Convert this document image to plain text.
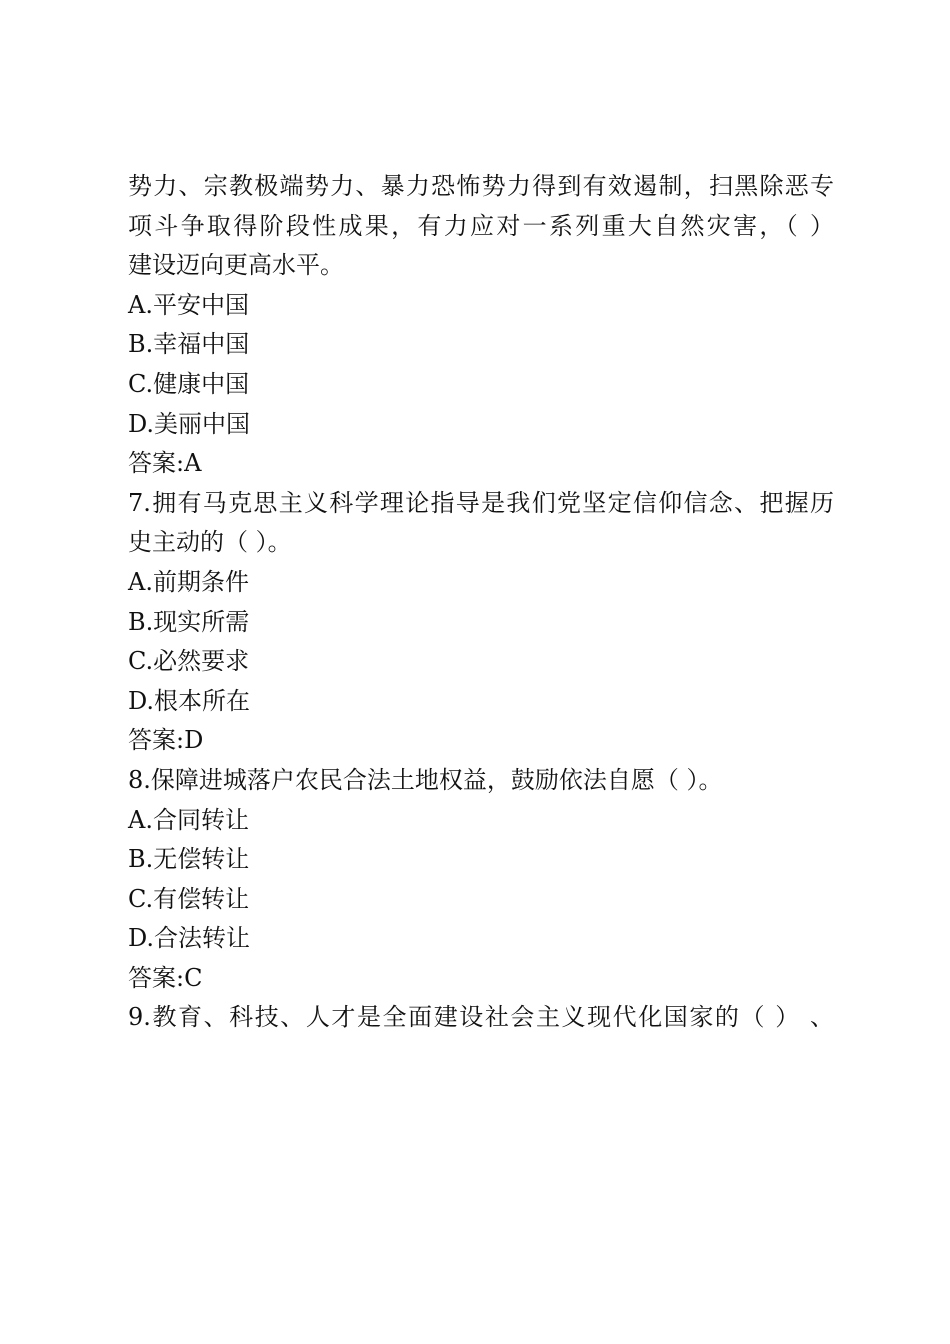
势力、宗教极端势力、暴力恐怖势力得到有效遏制，扫黑除恶专
项斗争取得阶段性成果，有力应对一系列重大自然灾害，（ ）
建设迈向更高水平。
A.平安中国
B.幸福中国
C.健康中国
D.美丽中国
答案:A
7.拥有马克思主义科学理论指导是我们党坚定信仰信念、把握历
史主动的（ ）。
A.前期条件
B.现实所需
C.必然要求
D.根本所在
答案:D
8.保障进城落户农民合法土地权益，鼓励依法自愿（ ）。
A.合同转让
B.无偿转让
C.有偿转让
D.合法转让
答案:C
9.教育、科技、人才是全面建设社会主义现代化国家的（ ） 、
